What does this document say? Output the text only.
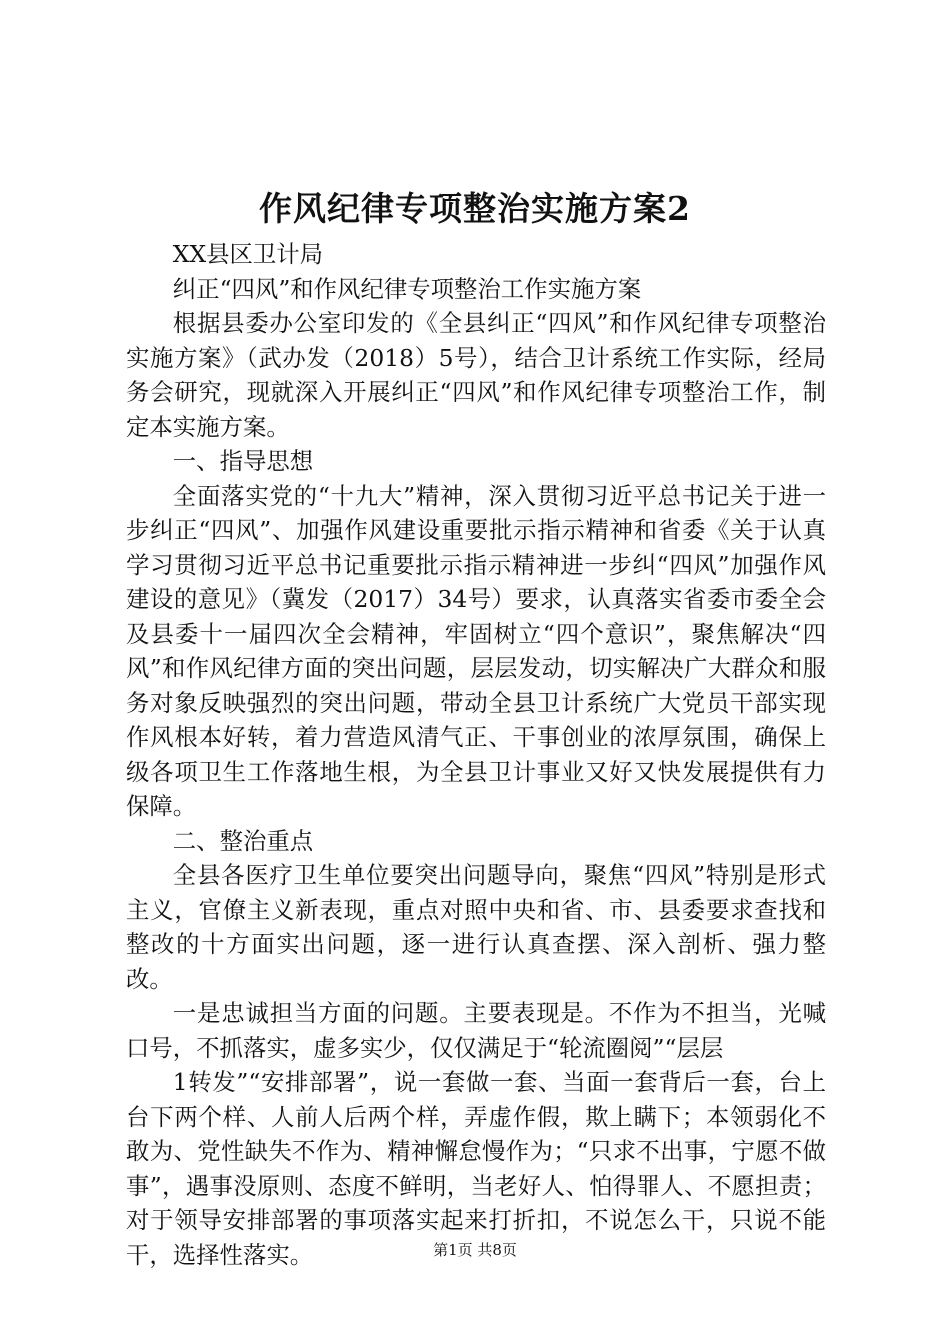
作风纪律专项整治实施方案2

XX县区卫计局

纠正“四风”和作风纪律专项整治工作实施方案

根据县委办公室印发的《全县纠正“四风”和作风纪律专项整治实施方案》（武办发（2018）5号），结合卫计系统工作实际，经局务会研究，现就深入开展纠正“四风”和作风纪律专项整治工作，制定本实施方案。

一、指导思想

全面落实党的“十九大”精神，深入贯彻习近平总书记关于进一步纠正“四风”、加强作风建设重要批示指示精神和省委《关于认真学习贯彻习近平总书记重要批示指示精神进一步纠“四风”加强作风建设的意见》（冀发（2017）34号）要求，认真落实省委市委全会及县委十一届四次全会精神，牢固树立“四个意识”，聚焦解决“四风”和作风纪律方面的突出问题，层层发动，切实解决广大群众和服务对象反映强烈的突出问题，带动全县卫计系统广大党员干部实现作风根本好转，着力营造风清气正、干事创业的浓厚氛围，确保上级各项卫生工作落地生根，为全县卫计事业又好又快发展提供有力保障。

二、整治重点

全县各医疗卫生单位要突出问题导向，聚焦“四风”特别是形式主义，官僚主义新表现，重点对照中央和省、市、县委要求查找和整改的十方面实出问题，逐一进行认真查摆、深入剖析、强力整改。

一是忠诚担当方面的问题。主要表现是。不作为不担当，光喊口号，不抓落实，虚多实少，仅仅满足于“轮流圈阅”“层层

1转发”“安排部署”，说一套做一套、当面一套背后一套，台上台下两个样、人前人后两个样，弄虚作假，欺上瞒下；本领弱化不敢为、党性缺失不作为、精神懈怠慢作为；“只求不出事，宁愿不做事”，遇事没原则、态度不鲜明，当老好人、怕得罪人、不愿担责；对于领导安排部署的事项落实起来打折扣，不说怎么干，只说不能干，选择性落实。	第1页 共8页
